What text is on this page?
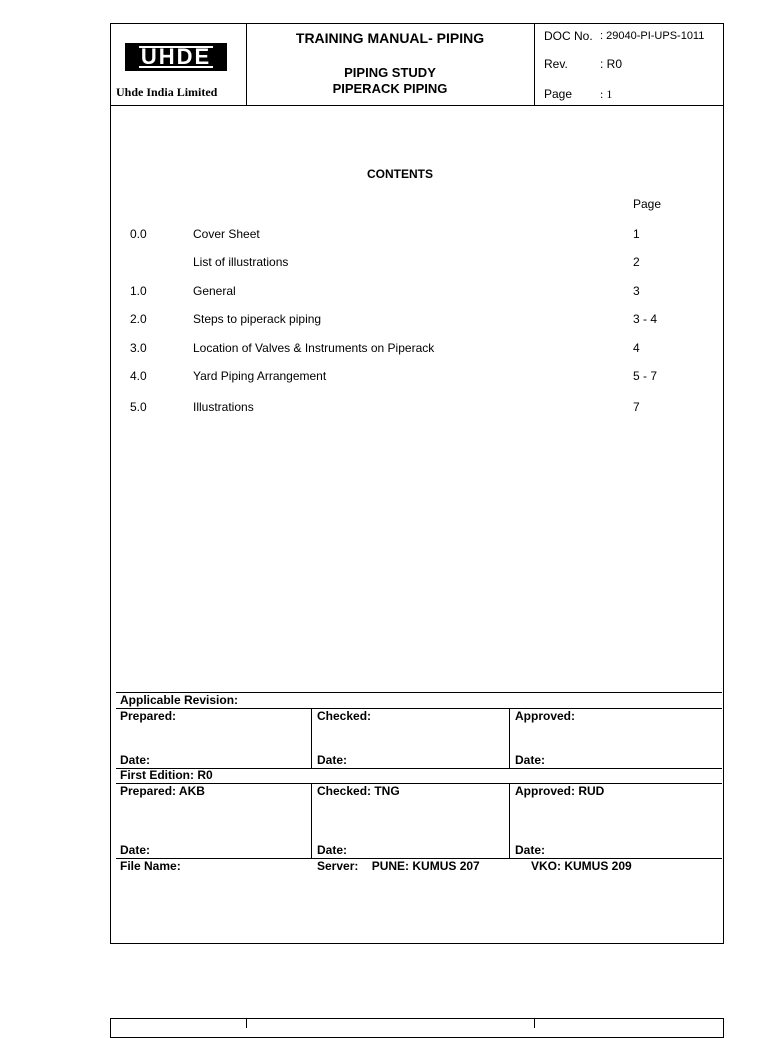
UHDE
Uhde India Limited
TRAINING MANUAL- PIPING
PIPING STUDY
PIPERACK PIPING
DOC No. : 29040-PI-UPS-1011
Rev.	: R0
Page : 1
CONTENTS
Page
0.0	Cover Sheet	1
List of illustrations	2
1.0	General	3
2.0	Steps to piperack piping	3 - 4
3.0	Location of Valves & Instruments on Piperack	4
4.0	Yard Piping Arrangement	5 - 7
5.0	Illustrations	7
Applicable Revision:
Prepared:	Checked:	Approved:
Date:	Date:	Date:
First Edition: R0
Prepared: AKB	Checked: TNG	Approved: RUD
Date:	Date:	Date:
File Name:	Server:    PUNE: KUMUS 207	VKO: KUMUS 209
